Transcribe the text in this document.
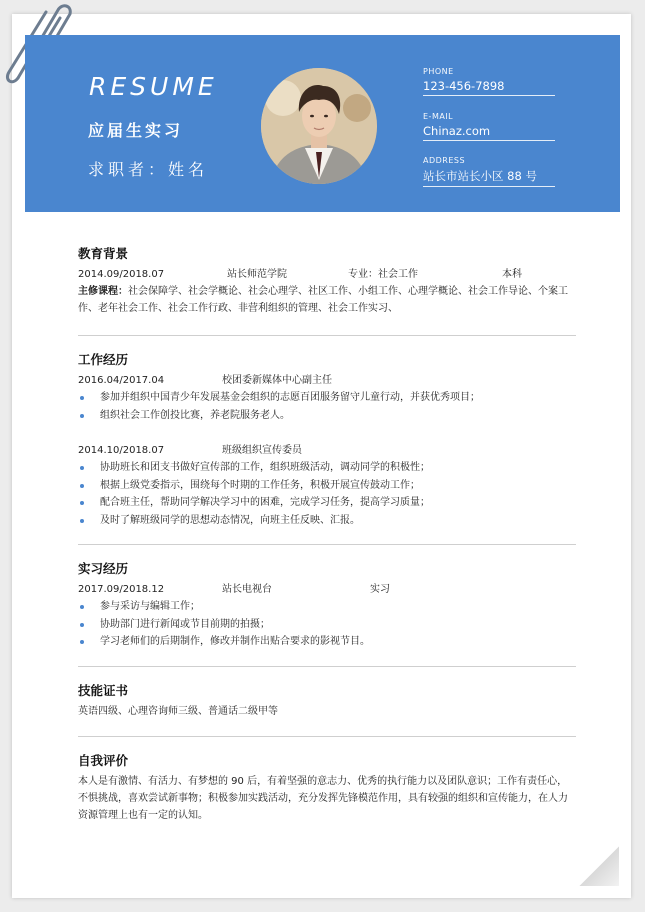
RESUME
应届生实习
求职者：姓名
PHONE
123-456-7898
E-MAIL
Chinaz.com
ADDRESS
站长市站长小区 88 号
教育背景
2014.09/2018.07	站长师范学院	专业：社会工作	本科
主修课程：社会保障学、社会学概论、社会心理学、社区工作、小组工作、心理学概论、社会工作导论、个案工作、老年社会工作、社会工作行政、非营利组织的管理、社会工作实习、
工作经历
2016.04/2017.04	校团委新媒体中心副主任
参加并组织中国青少年发展基金会组织的志愿百团服务留守儿童行动，并获优秀项目；
组织社会工作创投比赛，养老院服务老人。
2014.10/2018.07	班级组织宣传委员
协助班长和团支书做好宣传部的工作，组织班级活动，调动同学的积极性；
根据上级党委指示，围绕每个时期的工作任务，积极开展宣传鼓动工作；
配合班主任，帮助同学解决学习中的困难，完成学习任务，提高学习质量；
及时了解班级同学的思想动态情况，向班主任反映、汇报。
实习经历
2017.09/2018.12	站长电视台	实习
参与采访与编辑工作；
协助部门进行新闻或节目前期的拍摄；
学习老师们的后期制作，修改并制作出贴合要求的影视节目。
技能证书
英语四级、心理咨询师三级、普通话二级甲等
自我评价
本人是有激情、有活力、有梦想的 90 后，有着坚强的意志力、优秀的执行能力以及团队意识；工作有责任心，不惧挑战，喜欢尝试新事物；积极参加实践活动，充分发挥先锋模范作用，具有较强的组织和宣传能力，在人力资源管理上也有一定的认知。
